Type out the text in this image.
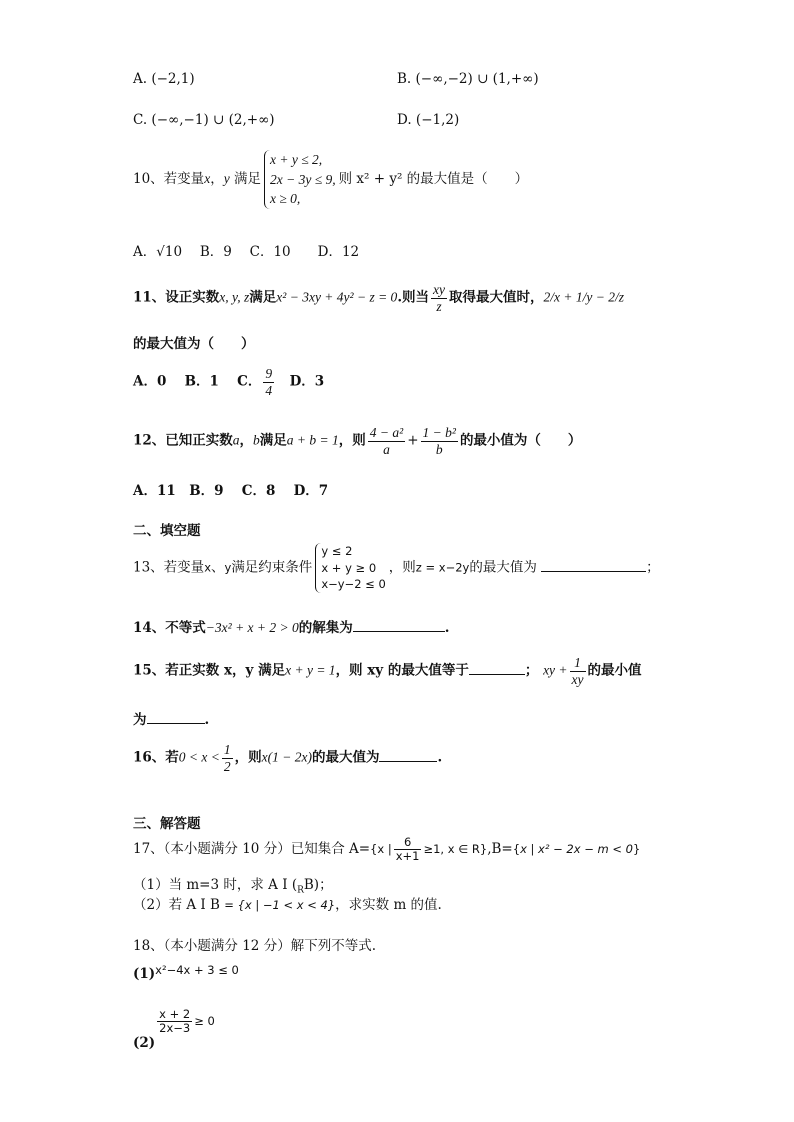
A. (−2,1)	B. (−∞,−2) ∪ (1,+∞)
C. (−∞,−1) ∪ (2,+∞)	D. (−1,2)
10、若变量x，y 满足
x + y ≤ 2,
2x − 3y ≤ 9,
x ≥ 0,
则 x² + y² 的最大值是（　　）
A．√10　 B．9　 C．10　　D．12
11、设正实数x, y, z满足x² − 3xy + 4y² − z = 0.则当 $\frac{xy}{z}$ 取得最大值时，2/x + 1/y − 2/z
的最大值为（　　）
A．0　 B．1　 C． $\frac{9}{4}$
　 D．3
12、已知正实数a，b满足a + b = 1，则 $\frac{\text{4 − a²}}{a} + \frac{\text{1 − b²}}{b}$ 的最小值为（　　）
A．11　B．9　 C．8　 D．7
二、填空题
13、若变量x、y满足约束条件
y ≤ 2
x + y ≥ 0
x−y−2 ≤ 0
，则z = x−2y的最大值为	；
14、不等式−3x² + x + 2 > 0的解集为	.
15、若正实数 x，y 满足x + y = 1，则 xy 的最大值等于	； xy + $\frac{1}{xy}$ 的最小值
为	.
16、若$0 < x < \frac{1}{2}$ ，则x(1 − 2x)的最大值为	.
三、解答题
17、（本小题满分 10 分）已知集合 A={x | $\frac{6}{x+1} \ge 1$, x ∈ R},B={x | x² − 2x − m < 0}
（1）当 m=3 时，求 A I $(_RB)$；
（2）若 A I B = {x | −1 < x < 4}，求实数 m 的值.
18、（本小题满分 12 分）解下列不等式.
(1)x²−4x + 3 ≤ 0
(2)
$\frac{x + 2}{2x-3} \ge 0$
